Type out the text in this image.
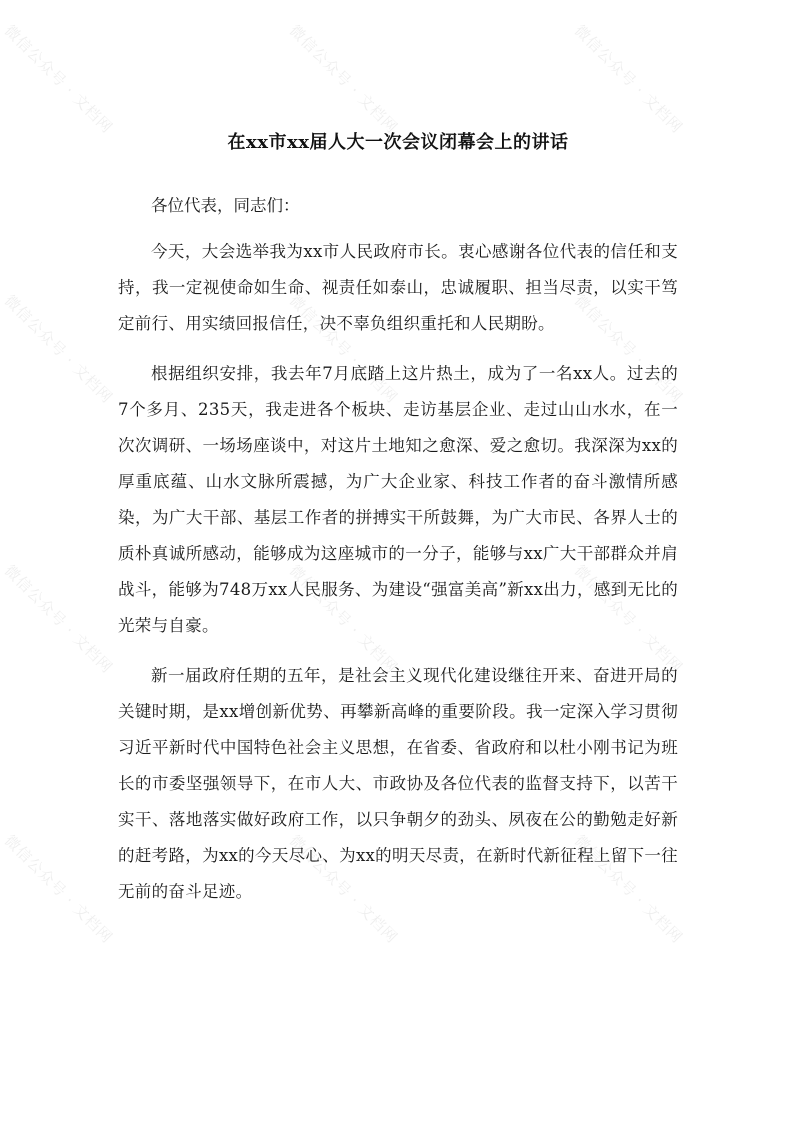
微信公众号 · 文档网	微信公众号 · 文档网	微信公众号 · 文档网
微信公众号 · 文档网	微信公众号 · 文档网	微信公众号 · 文档网
微信公众号 · 文档网	微信公众号 · 文档网	微信公众号 · 文档网
微信公众号 · 文档网	微信公众号 · 文档网	微信公众号 · 文档网
在xx市xx届人大一次会议闭幕会上的讲话

各位代表，同志们：

今天，大会选举我为xx市人民政府市长。衷心感谢各位代表的信任和支持，我一定视使命如生命、视责任如泰山，忠诚履职、担当尽责，以实干笃定前行、用实绩回报信任，决不辜负组织重托和人民期盼。

根据组织安排，我去年7月底踏上这片热土，成为了一名xx人。过去的7个多月、235天，我走进各个板块、走访基层企业、走过山山水水，在一次次调研、一场场座谈中，对这片土地知之愈深、爱之愈切。我深深为xx的厚重底蕴、山水文脉所震撼，为广大企业家、科技工作者的奋斗激情所感染，为广大干部、基层工作者的拼搏实干所鼓舞，为广大市民、各界人士的质朴真诚所感动，能够成为这座城市的一分子，能够与xx广大干部群众并肩战斗，能够为748万xx人民服务、为建设“强富美高”新xx出力，感到无比的光荣与自豪。

新一届政府任期的五年，是社会主义现代化建设继往开来、奋进开局的关键时期，是xx增创新优势、再攀新高峰的重要阶段。我一定深入学习贯彻习近平新时代中国特色社会主义思想，在省委、省政府和以杜小刚书记为班长的市委坚强领导下，在市人大、市政协及各位代表的监督支持下，以苦干实干、落地落实做好政府工作，以只争朝夕的劲头、夙夜在公的勤勉走好新的赶考路，为xx的今天尽心、为xx的明天尽责，在新时代新征程上留下一往无前的奋斗足迹。
